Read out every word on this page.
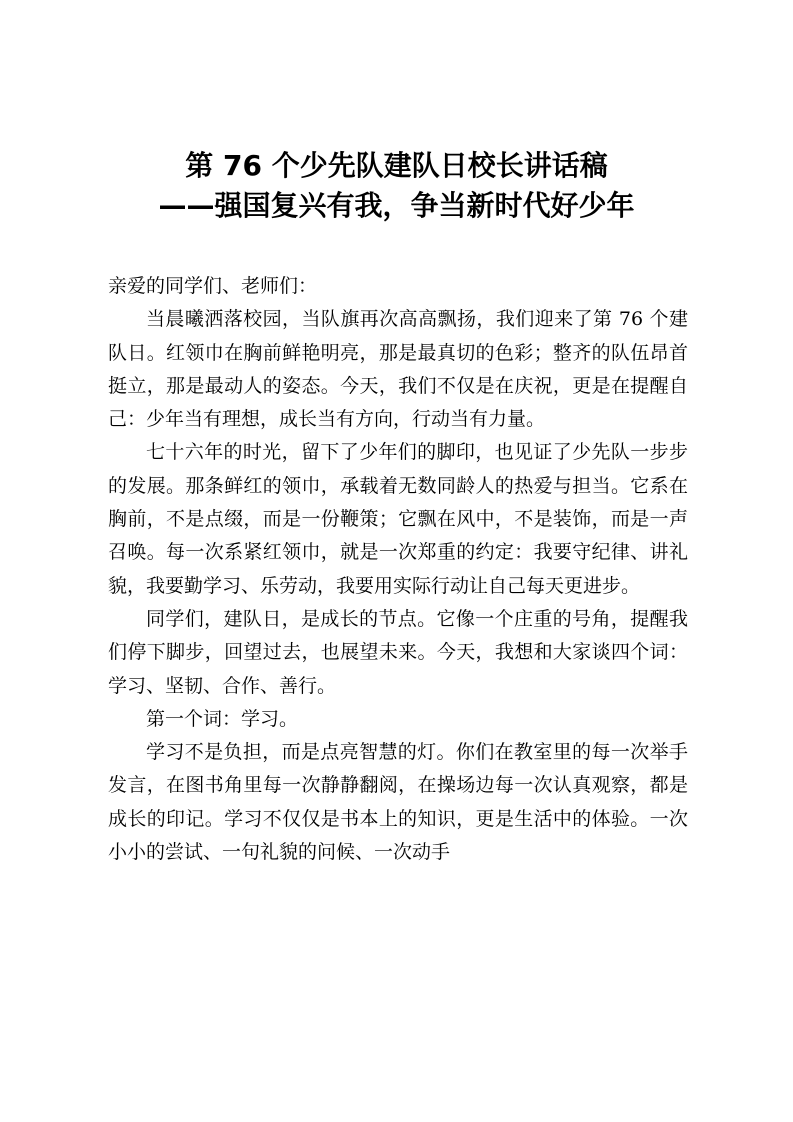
第 76 个少先队建队日校长讲话稿
——强国复兴有我，争当新时代好少年

亲爱的同学们、老师们：

当晨曦洒落校园，当队旗再次高高飘扬，我们迎来了第 76 个建队日。红领巾在胸前鲜艳明亮，那是最真切的色彩；整齐的队伍昂首挺立，那是最动人的姿态。今天，我们不仅是在庆祝，更是在提醒自己：少年当有理想，成长当有方向，行动当有力量。

七十六年的时光，留下了少年们的脚印，也见证了少先队一步步的发展。那条鲜红的领巾，承载着无数同龄人的热爱与担当。它系在胸前，不是点缀，而是一份鞭策；它飘在风中，不是装饰，而是一声召唤。每一次系紧红领巾，就是一次郑重的约定：我要守纪律、讲礼貌，我要勤学习、乐劳动，我要用实际行动让自己每天更进步。

同学们，建队日，是成长的节点。它像一个庄重的号角，提醒我们停下脚步，回望过去，也展望未来。今天，我想和大家谈四个词：学习、坚韧、合作、善行。

第一个词：学习。

学习不是负担，而是点亮智慧的灯。你们在教室里的每一次举手发言，在图书角里每一次静静翻阅，在操场边每一次认真观察，都是成长的印记。学习不仅仅是书本上的知识，更是生活中的体验。一次小小的尝试、一句礼貌的问候、一次动手
